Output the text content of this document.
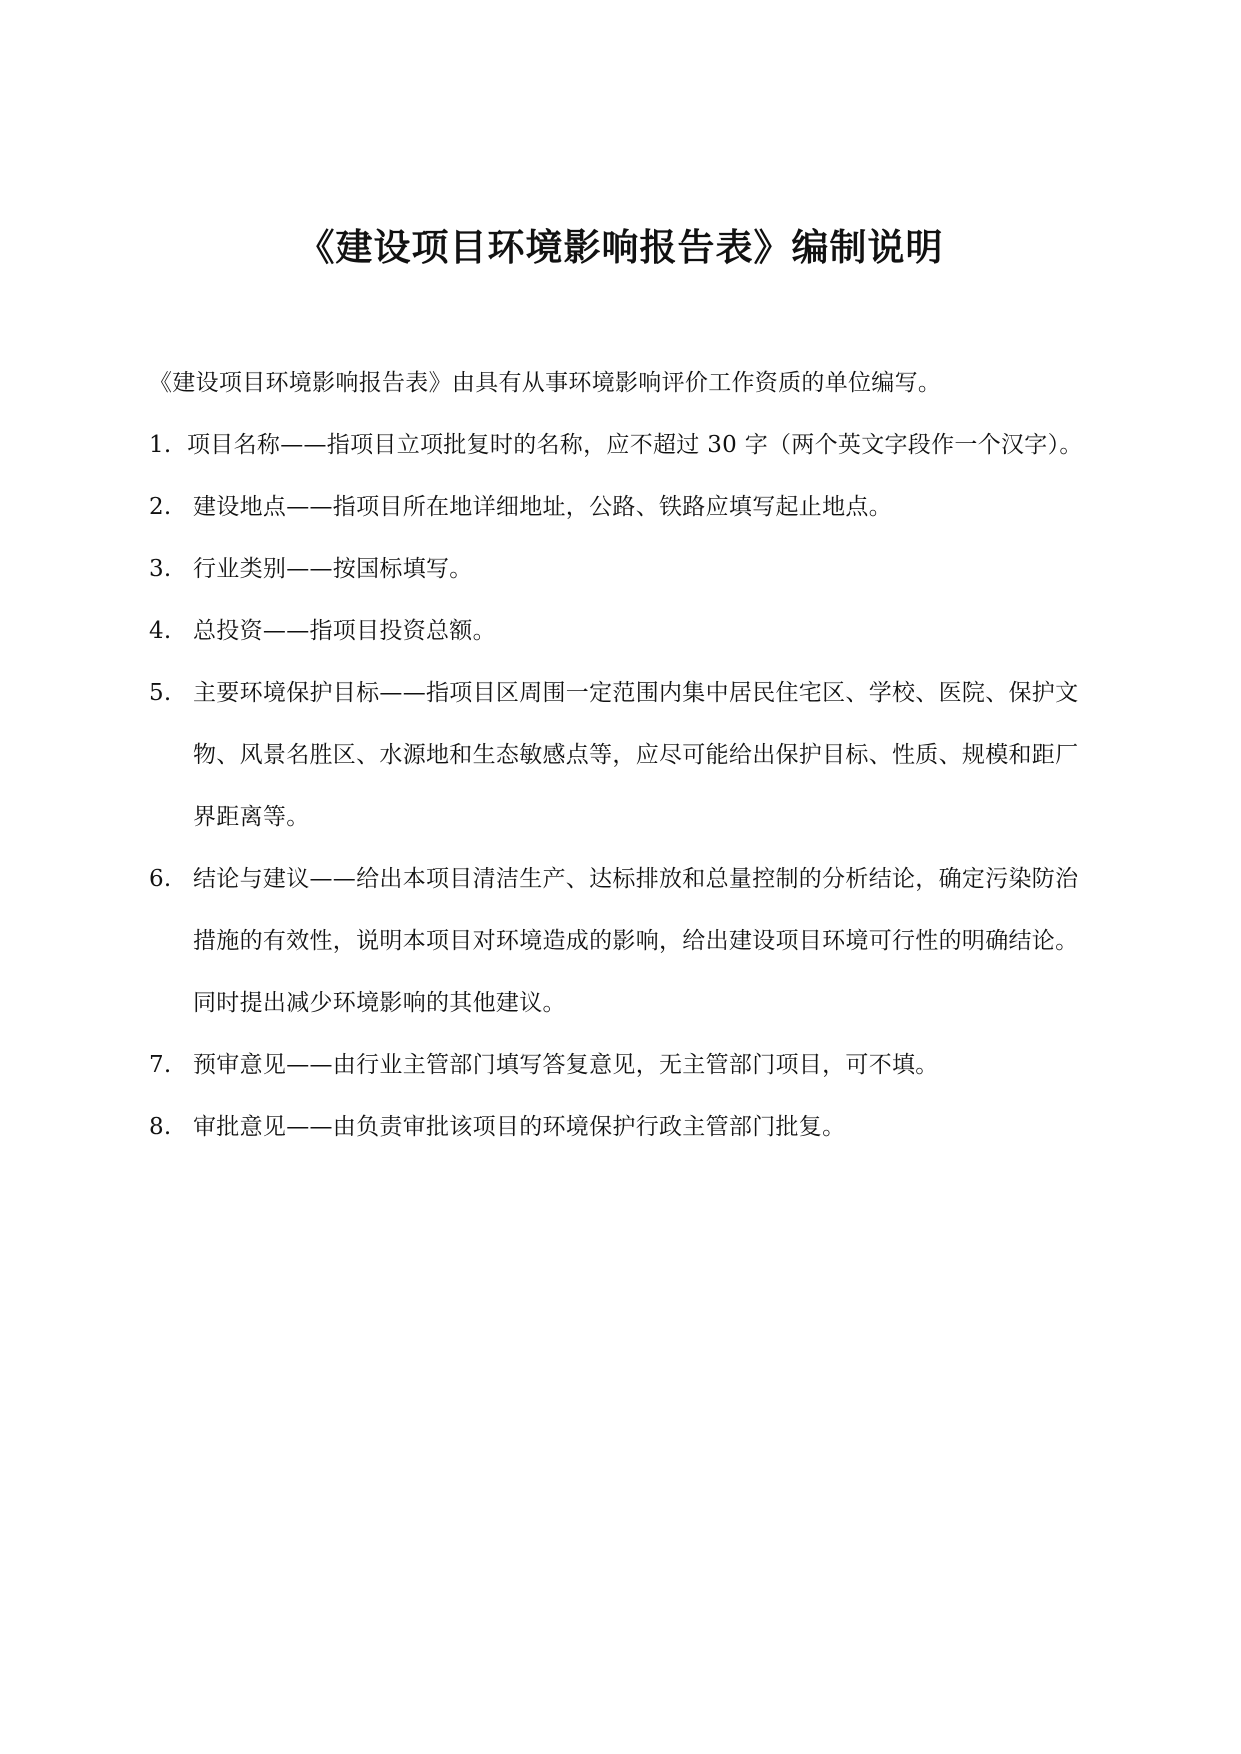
《建设项目环境影响报告表》编制说明

《建设项目环境影响报告表》由具有从事环境影响评价工作资质的单位编写。

1. 项目名称——指项目立项批复时的名称，应不超过 30 字（两个英文字段作一个汉字）。

2. 建设地点——指项目所在地详细地址，公路、铁路应填写起止地点。

3. 行业类别——按国标填写。

4. 总投资——指项目投资总额。

5. 主要环境保护目标——指项目区周围一定范围内集中居民住宅区、学校、医院、保护文物、风景名胜区、水源地和生态敏感点等，应尽可能给出保护目标、性质、规模和距厂界距离等。

6. 结论与建议——给出本项目清洁生产、达标排放和总量控制的分析结论，确定污染防治措施的有效性，说明本项目对环境造成的影响，给出建设项目环境可行性的明确结论。同时提出减少环境影响的其他建议。

7. 预审意见——由行业主管部门填写答复意见，无主管部门项目，可不填。

8. 审批意见——由负责审批该项目的环境保护行政主管部门批复。
